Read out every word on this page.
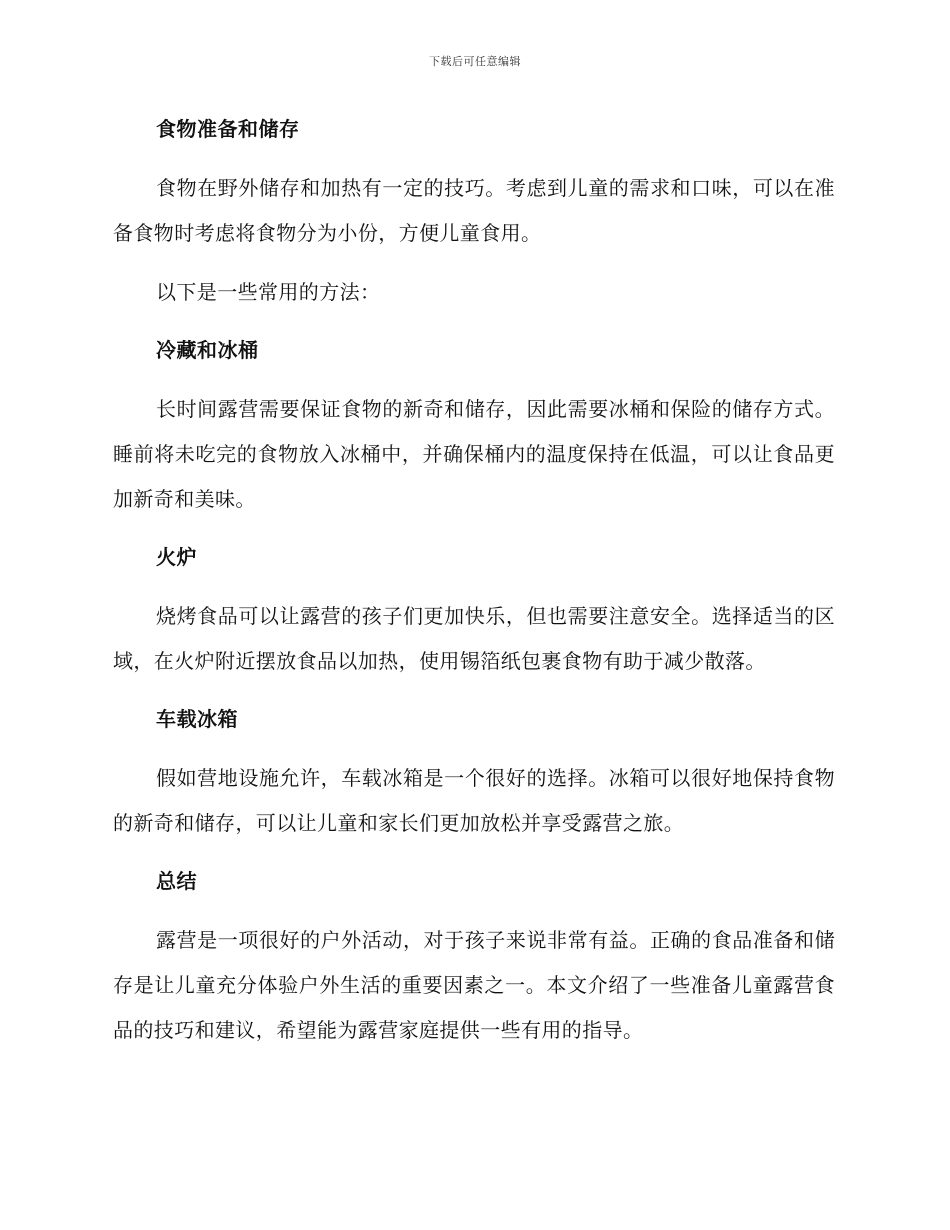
下载后可任意编辑
食物准备和储存

食物在野外储存和加热有一定的技巧。考虑到儿童的需求和口味，可以在准备食物时考虑将食物分为小份，方便儿童食用。

以下是一些常用的方法：

冷藏和冰桶

长时间露营需要保证食物的新奇和储存，因此需要冰桶和保险的储存方式。睡前将未吃完的食物放入冰桶中，并确保桶内的温度保持在低温，可以让食品更加新奇和美味。

火炉

烧烤食品可以让露营的孩子们更加快乐，但也需要注意安全。选择适当的区域，在火炉附近摆放食品以加热，使用锡箔纸包裹食物有助于减少散落。

车载冰箱

假如营地设施允许，车载冰箱是一个很好的选择。冰箱可以很好地保持食物的新奇和储存，可以让儿童和家长们更加放松并享受露营之旅。

总结

露营是一项很好的户外活动，对于孩子来说非常有益。正确的食品准备和储存是让儿童充分体验户外生活的重要因素之一。本文介绍了一些准备儿童露营食品的技巧和建议，希望能为露营家庭提供一些有用的指导。
